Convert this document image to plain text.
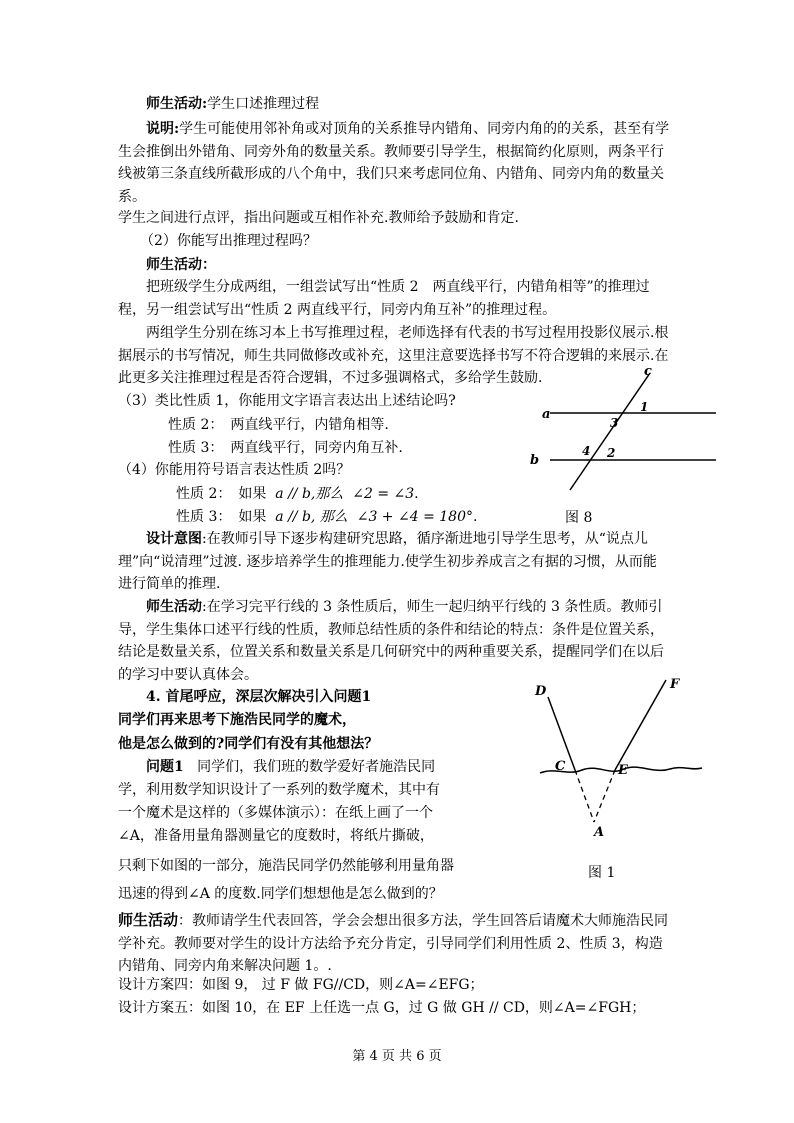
师生活动:学生口述推理过程
说明:学生可能使用邻补角或对顶角的关系推导内错角、同旁内角的的关系，甚至有学生会推倒出外错角、同旁外角的数量关系。教师要引导学生，根据简约化原则，两条平行线被第三条直线所截形成的八个角中，我们只来考虑同位角、内错角、同旁内角的数量关系。
学生之间进行点评，指出问题或互相作补充.教师给予鼓励和肯定.
（2）你能写出推理过程吗？
师生活动：
把班级学生分成两组，一组尝试写出“性质 2　两直线平行，内错角相等”的推理过程，另一组尝试写出“性质 2 两直线平行，同旁内角互补”的推理过程。
两组学生分别在练习本上书写推理过程，老师选择有代表的书写过程用投影仪展示.根据展示的书写情况，师生共同做修改或补充，这里注意要选择书写不符合逻辑的来展示.在此更多关注推理过程是否符合逻辑，不过多强调格式，多给学生鼓励.
（3）类比性质 1，你能用文字语言表达出上述结论吗?
性质 2：　两直线平行，内错角相等.
性质 3：　两直线平行，同旁内角互补.
（4）你能用符号语言表达性质 2吗？
性质 2：　如果 a // b,那么 ∠2 = ∠3.
性质 3：　如果 a // b, 那么 ∠3 + ∠4 = 180°.
a
b
c
1
3
4 2
图 8
设计意图:在教师引导下逐步构建研究思路，循序渐进地引导学生思考，从“说点儿理”向“说清理”过渡. 逐步培养学生的推理能力.使学生初步养成言之有据的习惯，从而能进行简单的推理.
师生活动:在学习完平行线的 3 条性质后，师生一起归纳平行线的 3 条性质。教师引导，学生集体口述平行线的性质，教师总结性质的条件和结论的特点：条件是位置关系，结论是数量关系，位置关系和数量关系是几何研究中的两种重要关系，提醒同学们在以后的学习中要认真体会。
4. 首尾呼应，深层次解决引入问题1
同学们再来思考下施浩民同学的魔术，
他是怎么做到的?同学们有没有其他想法？
问题1 同学们，我们班的数学爱好者施浩民同
学，利用数学知识设计了一系列的数学魔术，其中有
一个魔术是这样的（多媒体演示）：在纸上画了一个
∠A，准备用量角器测量它的度数时，将纸片撕破，
只剩下如图的一部分，施浩民同学仍然能够利用量角器
迅速的得到∠A 的度数.同学们想想他是怎么做到的？
D	F
C	E
A
图 1
师生活动：教师请学生代表回答，学会会想出很多方法，学生回答后请魔术大师施浩民同学补充。教师要对学生的设计方法给予充分肯定，引导同学们利用性质 2、性质 3，构造内错角、同旁内角来解决问题 1。.
设计方案四：如图 9， 过 F 做 FG//CD，则∠A=∠EFG；
设计方案五：如图 10，在 EF 上任选一点 G，过 G 做 GH // CD，则∠A=∠FGH；
第 4 页 共 6 页
